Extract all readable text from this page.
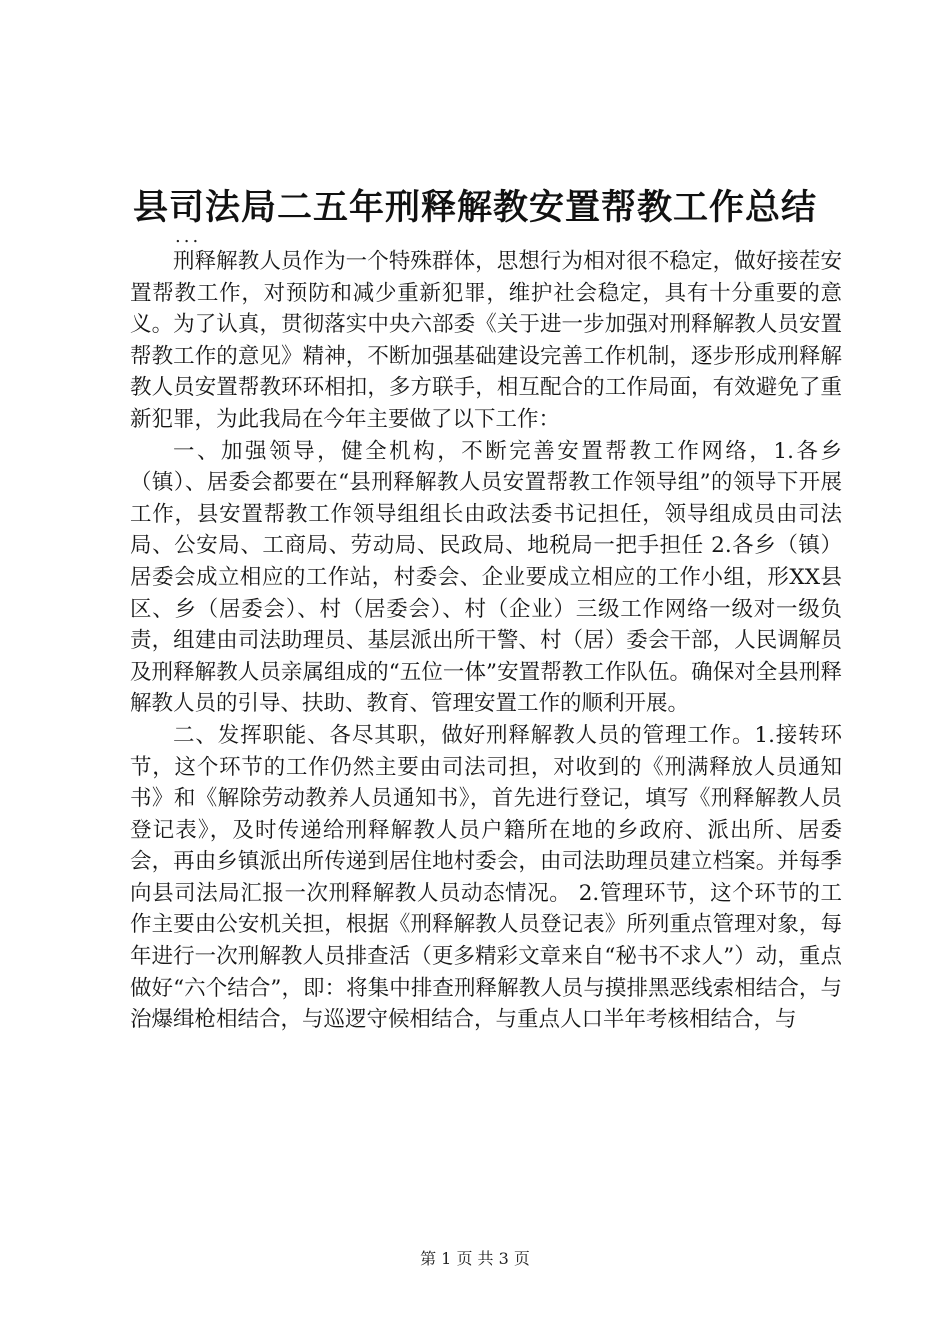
县司法局二五年刑释解教安置帮教工作总结
...

刑释解教人员作为一个特殊群体，思想行为相对很不稳定，做好接茬安置帮教工作，对预防和减少重新犯罪，维护社会稳定，具有十分重要的意义。为了认真，贯彻落实中央六部委《关于进一步加强对刑释解教人员安置帮教工作的意见》精神，不断加强基础建设完善工作机制，逐步形成刑释解教人员安置帮教环环相扣，多方联手，相互配合的工作局面，有效避免了重新犯罪，为此我局在今年主要做了以下工作：

一、加强领导，健全机构，不断完善安置帮教工作网络，1.各乡（镇）、居委会都要在“县刑释解教人员安置帮教工作领导组”的领导下开展工作，县安置帮教工作领导组组长由政法委书记担任，领导组成员由司法局、公安局、工商局、劳动局、民政局、地税局一把手担任 2.各乡（镇）居委会成立相应的工作站，村委会、企业要成立相应的工作小组，形XX县区、乡（居委会）、村（居委会）、村（企业）三级工作网络一级对一级负责，组建由司法助理员、基层派出所干警、村（居）委会干部，人民调解员及刑释解教人员亲属组成的“五位一体”安置帮教工作队伍。确保对全县刑释解教人员的引导、扶助、教育、管理安置工作的顺利开展。

二、发挥职能、各尽其职，做好刑释解教人员的管理工作。1.接转环节，这个环节的工作仍然主要由司法司担，对收到的《刑满释放人员通知书》和《解除劳动教养人员通知书》，首先进行登记，填写《刑释解教人员登记表》，及时传递给刑释解教人员户籍所在地的乡政府、派出所、居委会，再由乡镇派出所传递到居住地村委会，由司法助理员建立档案。并每季向县司法局汇报一次刑释解教人员动态情况。 2.管理环节，这个环节的工作主要由公安机关担，根据《刑释解教人员登记表》所列重点管理对象，每年进行一次刑解教人员排查活（更多精彩文章来自“秘书不求人”）动，重点做好“六个结合”，即：将集中排查刑释解教人员与摸排黑恶线索相结合，与治爆缉枪相结合，与巡逻守候相结合，与重点人口半年考核相结合，与

第 1 页 共 3 页
